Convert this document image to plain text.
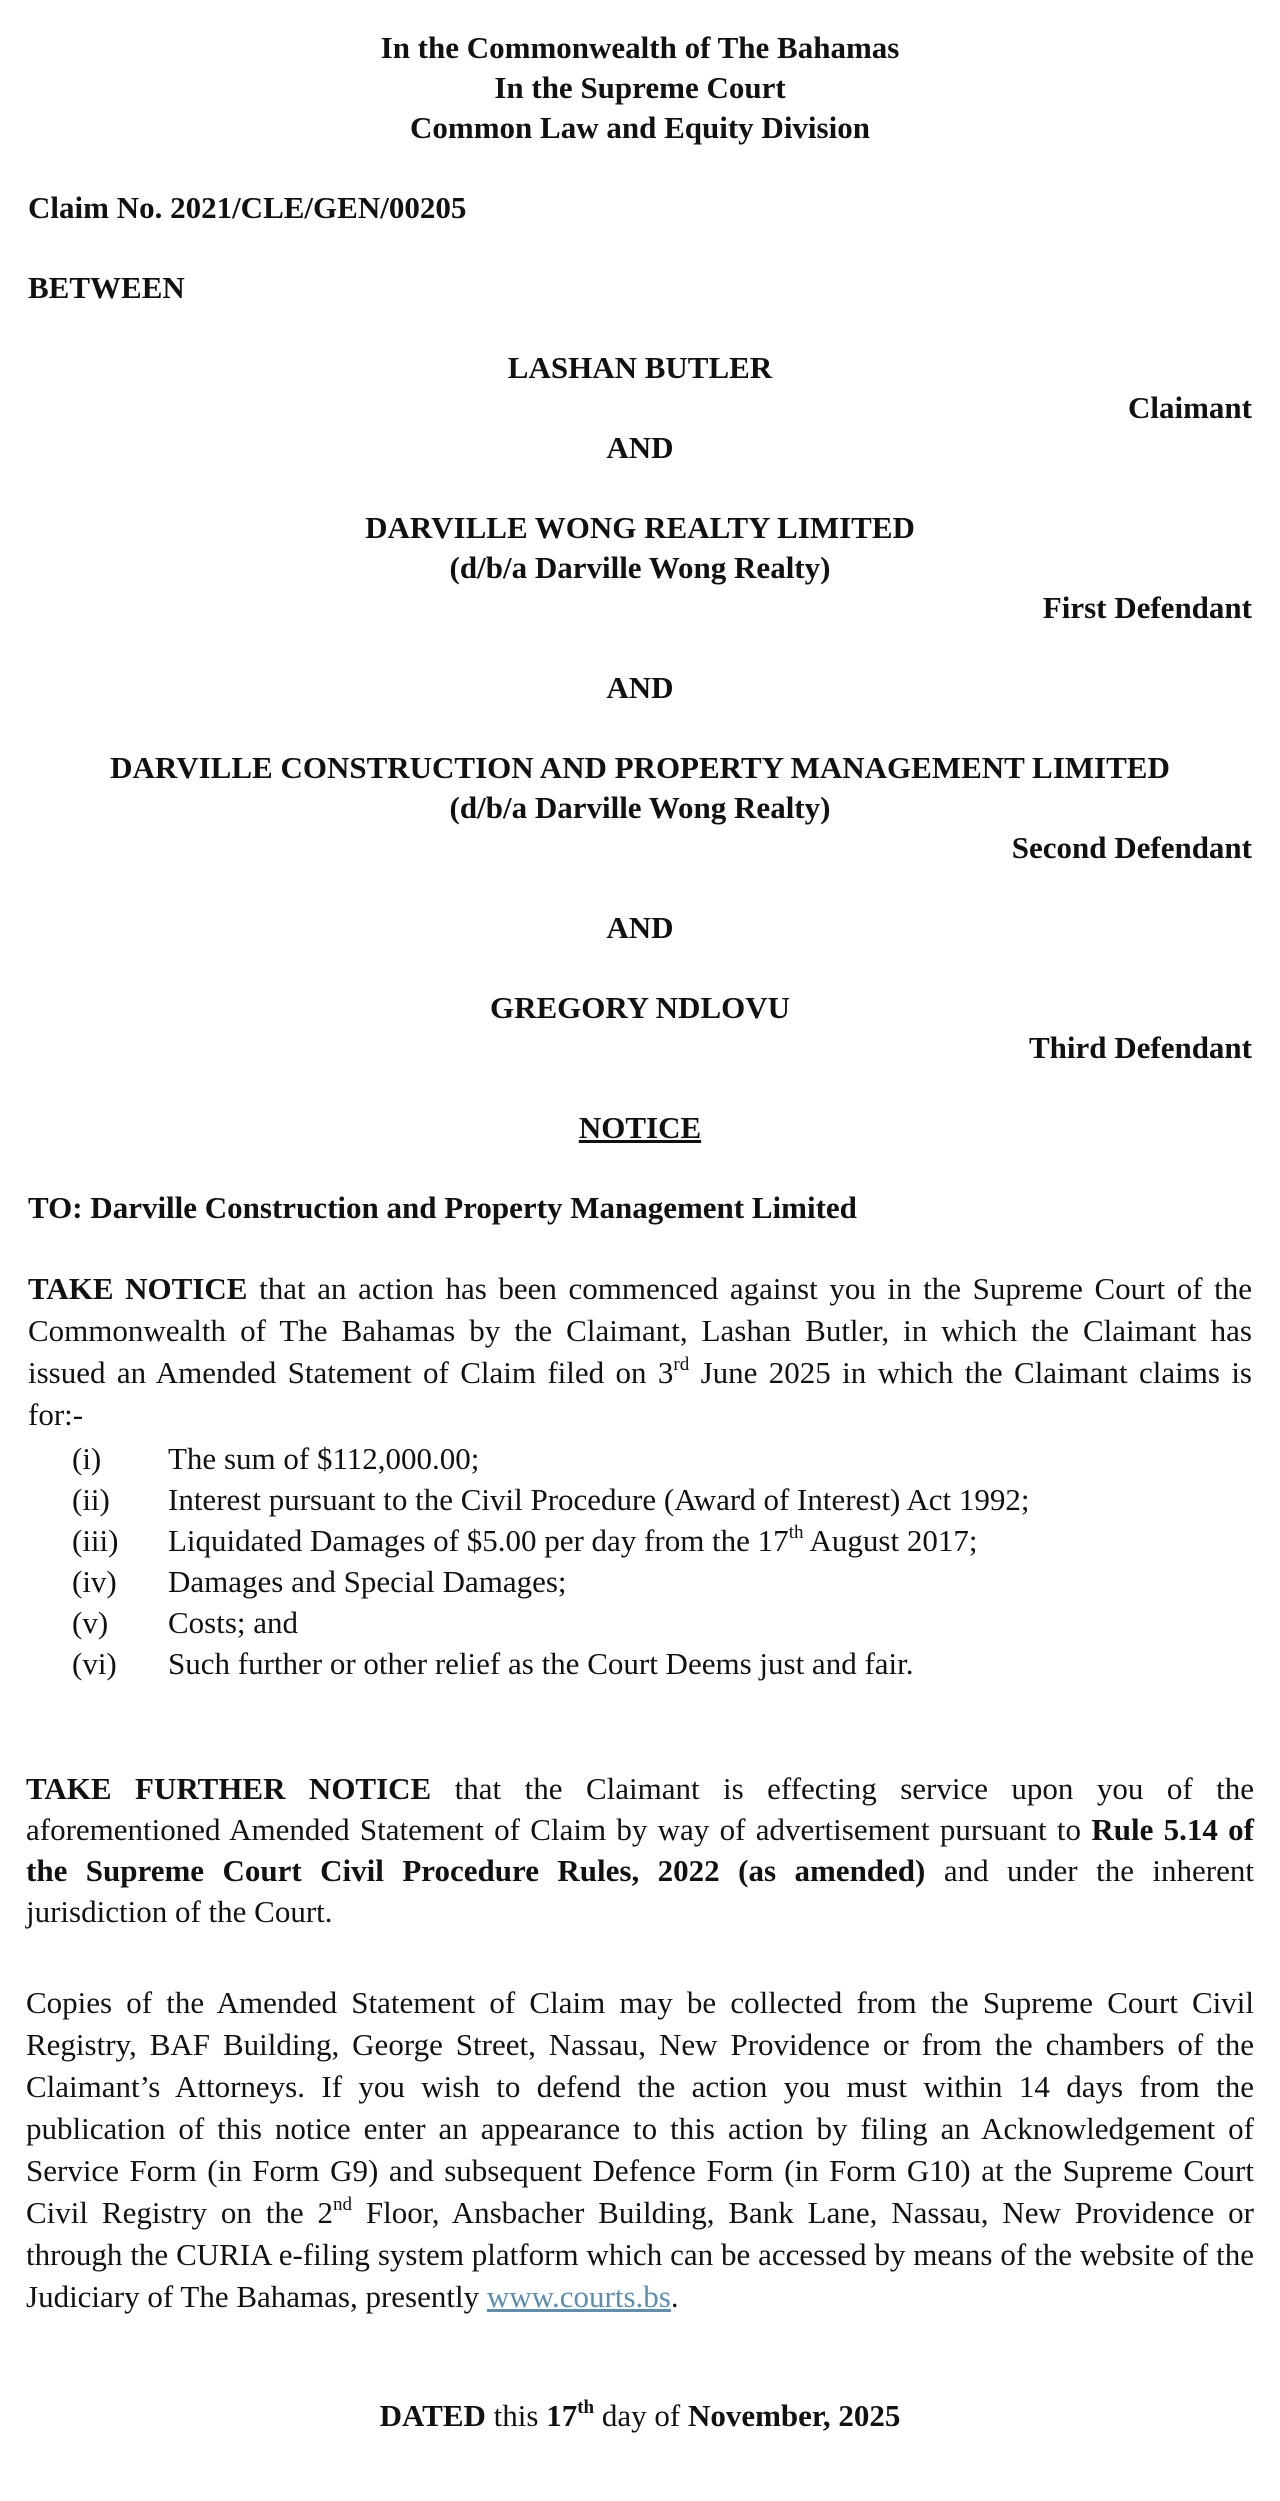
In the Commonwealth of The Bahamas
In the Supreme Court
Common Law and Equity Division
Claim No. 2021/CLE/GEN/00205
BETWEEN
LASHAN BUTLER
Claimant
AND
DARVILLE WONG REALTY LIMITED
(d/b/a Darville Wong Realty)
First Defendant
AND
DARVILLE CONSTRUCTION AND PROPERTY MANAGEMENT LIMITED
(d/b/a Darville Wong Realty)
Second Defendant
AND
GREGORY NDLOVU
Third Defendant
NOTICE
TO: Darville Construction and Property Management Limited
TAKE NOTICE that an action has been commenced against you in the Supreme Court of the Commonwealth of The Bahamas by the Claimant, Lashan Butler, in which the Claimant has issued an Amended Statement of Claim filed on 3rd June 2025 in which the Claimant claims is for:-
(i)	The sum of $112,000.00;
(ii)	Interest pursuant to the Civil Procedure (Award of Interest) Act 1992;
(iii)	Liquidated Damages of $5.00 per day from the 17th August 2017;
(iv)	Damages and Special Damages;
(v)	Costs; and
(vi)	Such further or other relief as the Court Deems just and fair.
TAKE FURTHER NOTICE that the Claimant is effecting service upon you of the aforementioned Amended Statement of Claim by way of advertisement pursuant to Rule 5.14 of the Supreme Court Civil Procedure Rules, 2022 (as amended) and under the inherent jurisdiction of the Court.
Copies of the Amended Statement of Claim may be collected from the Supreme Court Civil Registry, BAF Building, George Street, Nassau, New Providence or from the chambers of the Claimant’s Attorneys. If you wish to defend the action you must within 14 days from the publication of this notice enter an appearance to this action by filing an Acknowledgement of Service Form (in Form G9) and subsequent Defence Form (in Form G10) at the Supreme Court Civil Registry on the 2nd Floor, Ansbacher Building, Bank Lane, Nassau, New Providence or through the CURIA e-filing system platform which can be accessed by means of the website of the Judiciary of The Bahamas, presently www.courts.bs.
DATED this 17th day of November, 2025
